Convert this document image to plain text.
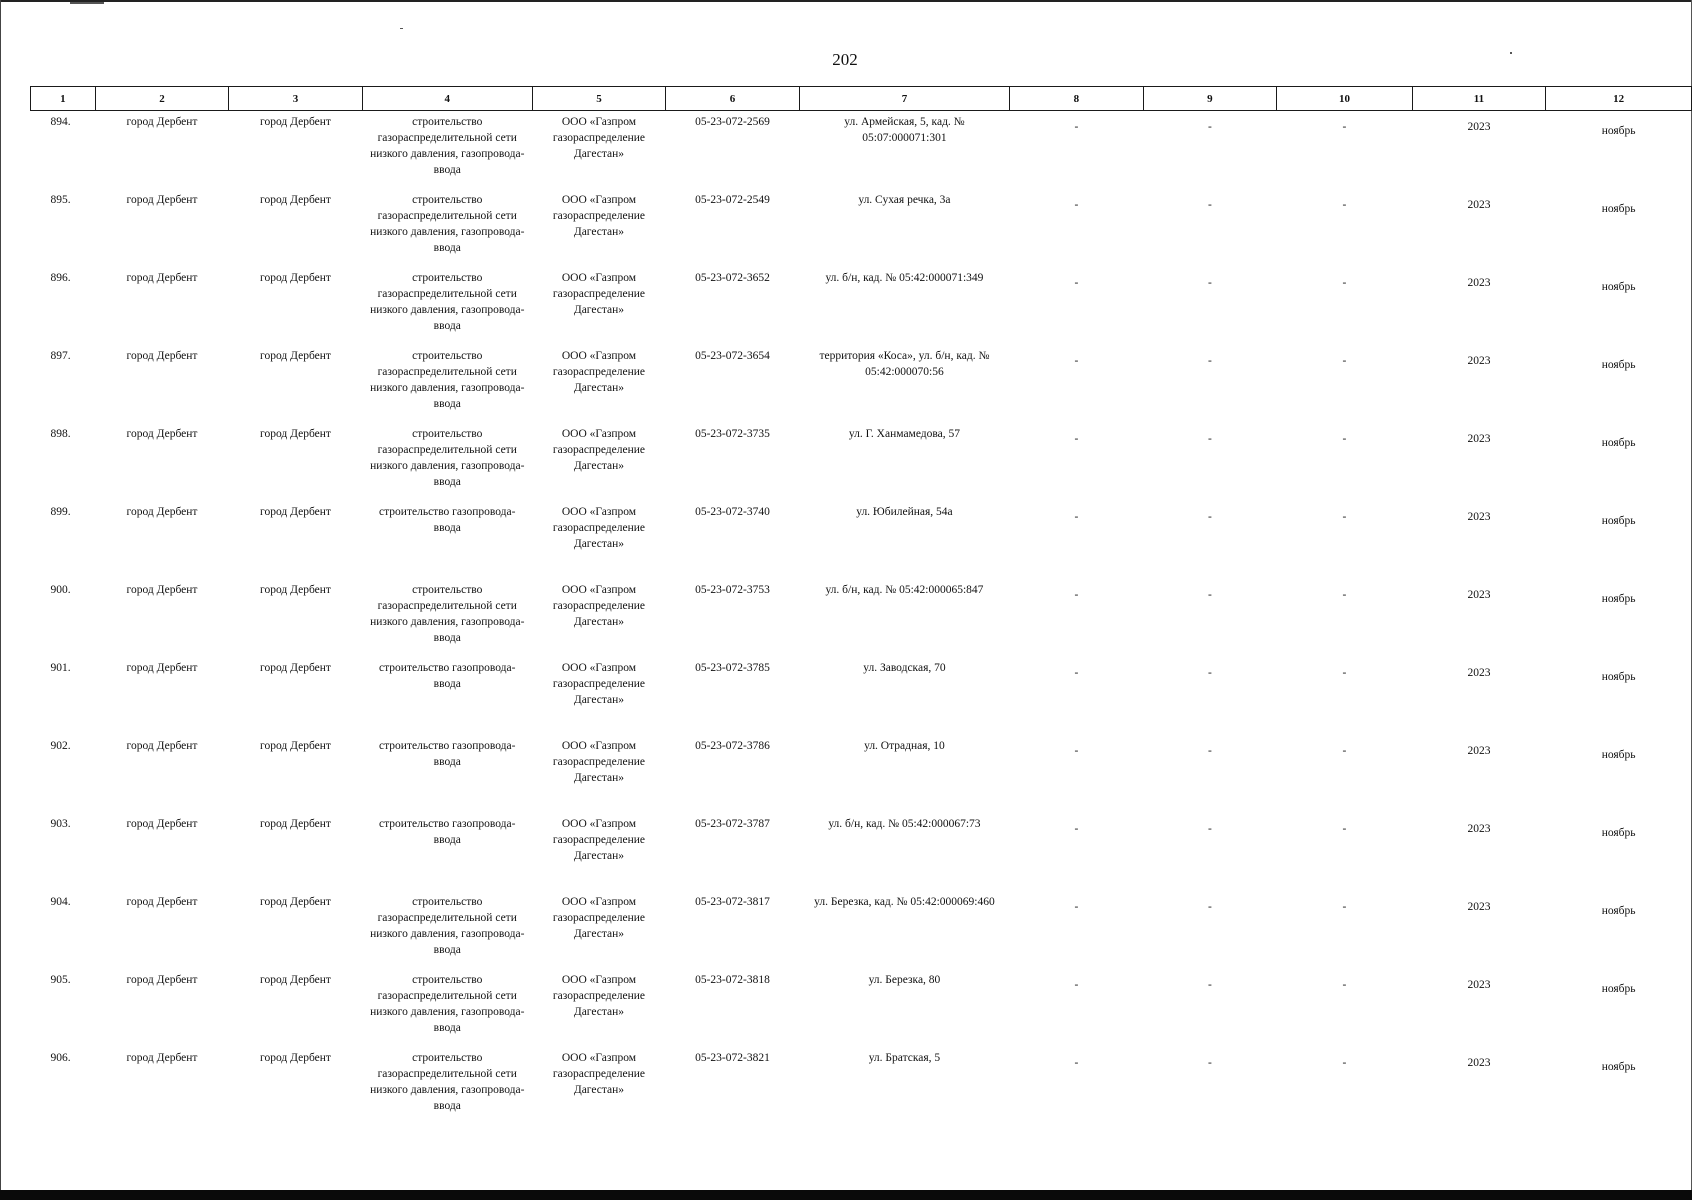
202
1	2	3	4	5	6	7	8	9	10	11	12
894.	город Дербент	город Дербент	строительство газораспределительной сети низкого давления, газопровода-ввода	ООО «Газпром газораспределение Дагестан»	05-23-072-2569	ул. Армейская, 5, кад. № 05:07:000071:301	-	-	-	2023	ноябрь
895.	город Дербент	город Дербент	строительство газораспределительной сети низкого давления, газопровода-ввода	ООО «Газпром газораспределение Дагестан»	05-23-072-2549	ул. Сухая речка, 3а	-	-	-	2023	ноябрь
896.	город Дербент	город Дербент	строительство газораспределительной сети низкого давления, газопровода-ввода	ООО «Газпром газораспределение Дагестан»	05-23-072-3652	ул. б/н, кад. № 05:42:000071:349	-	-	-	2023	ноябрь
897.	город Дербент	город Дербент	строительство газораспределительной сети низкого давления, газопровода-ввода	ООО «Газпром газораспределение Дагестан»	05-23-072-3654	территория «Коса», ул. б/н, кад. № 05:42:000070:56	-	-	-	2023	ноябрь
898.	город Дербент	город Дербент	строительство газораспределительной сети низкого давления, газопровода-ввода	ООО «Газпром газораспределение Дагестан»	05-23-072-3735	ул. Г. Ханмамедова, 57	-	-	-	2023	ноябрь
899.	город Дербент	город Дербент	строительство газопровода-ввода	ООО «Газпром газораспределение Дагестан»	05-23-072-3740	ул. Юбилейная, 54а	-	-	-	2023	ноябрь
900.	город Дербент	город Дербент	строительство газораспределительной сети низкого давления, газопровода-ввода	ООО «Газпром газораспределение Дагестан»	05-23-072-3753	ул. б/н, кад. № 05:42:000065:847	-	-	-	2023	ноябрь
901.	город Дербент	город Дербент	строительство газопровода-ввода	ООО «Газпром газораспределение Дагестан»	05-23-072-3785	ул. Заводская, 70	-	-	-	2023	ноябрь
902.	город Дербент	город Дербент	строительство газопровода-ввода	ООО «Газпром газораспределение Дагестан»	05-23-072-3786	ул. Отрадная, 10	-	-	-	2023	ноябрь
903.	город Дербент	город Дербент	строительство газопровода-ввода	ООО «Газпром газораспределение Дагестан»	05-23-072-3787	ул. б/н, кад. № 05:42:000067:73	-	-	-	2023	ноябрь
904.	город Дербент	город Дербент	строительство газораспределительной сети низкого давления, газопровода-ввода	ООО «Газпром газораспределение Дагестан»	05-23-072-3817	ул. Березка, кад. № 05:42:000069:460	-	-	-	2023	ноябрь
905.	город Дербент	город Дербент	строительство газораспределительной сети низкого давления, газопровода-ввода	ООО «Газпром газораспределение Дагестан»	05-23-072-3818	ул. Березка, 80	-	-	-	2023	ноябрь
906.	город Дербент	город Дербент	строительство газораспределительной сети низкого давления, газопровода-ввода	ООО «Газпром газораспределение Дагестан»	05-23-072-3821	ул. Братская, 5	-	-	-	2023	ноябрь
